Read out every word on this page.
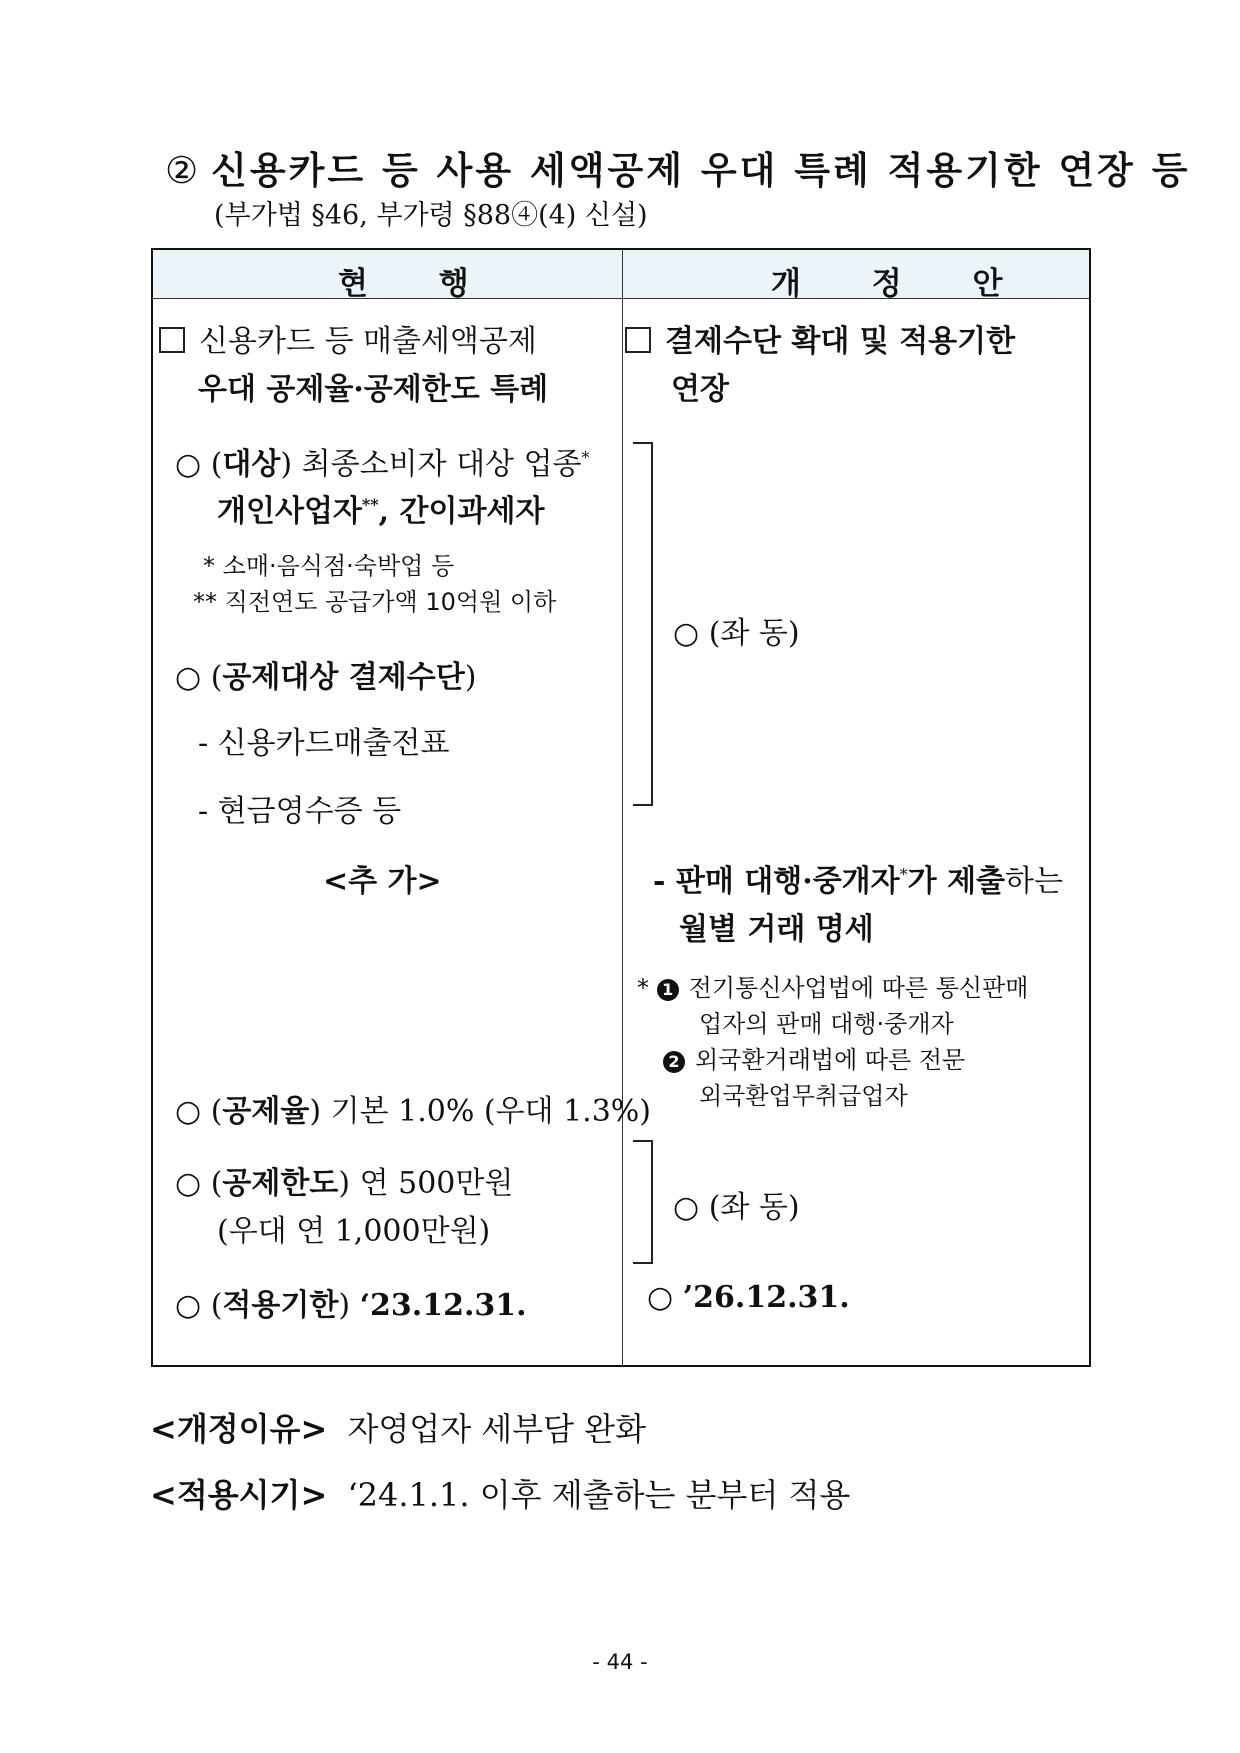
② 신용카드 등 사용 세액공제 우대 특례 적용기한 연장 등
(부가법 §46, 부가령 §88④(4) 신설)
현 행	개 정 안
신용카드 등 매출세액공제
우대 공제율·공제한도 특례
○ (대상) 최종소비자 대상 업종*
개인사업자**, 간이과세자
* 소매·음식점·숙박업 등
** 직전연도 공급가액 10억원 이하
○ (공제대상 결제수단)
- 신용카드매출전표
- 현금영수증 등
<추 가>
○ (공제율) 기본 1.0% (우대 1.3%)
○ (공제한도) 연 500만원
(우대 연 1,000만원)
○ (적용기한) ‘23.12.31.
결제수단 확대 및 적용기한
연장
○ (좌 동)
- 판매 대행·중개자*가 제출하는
월별 거래 명세
* 1 전기통신사업법에 따른 통신판매
업자의 판매 대행·중개자
2 외국환거래법에 따른 전문
외국환업무취급업자
○ (좌 동)
○ ’26.12.31.
<개정이유> 자영업자 세부담 완화
<적용시기> ‘24.1.1. 이후 제출하는 분부터 적용
- 44 -
